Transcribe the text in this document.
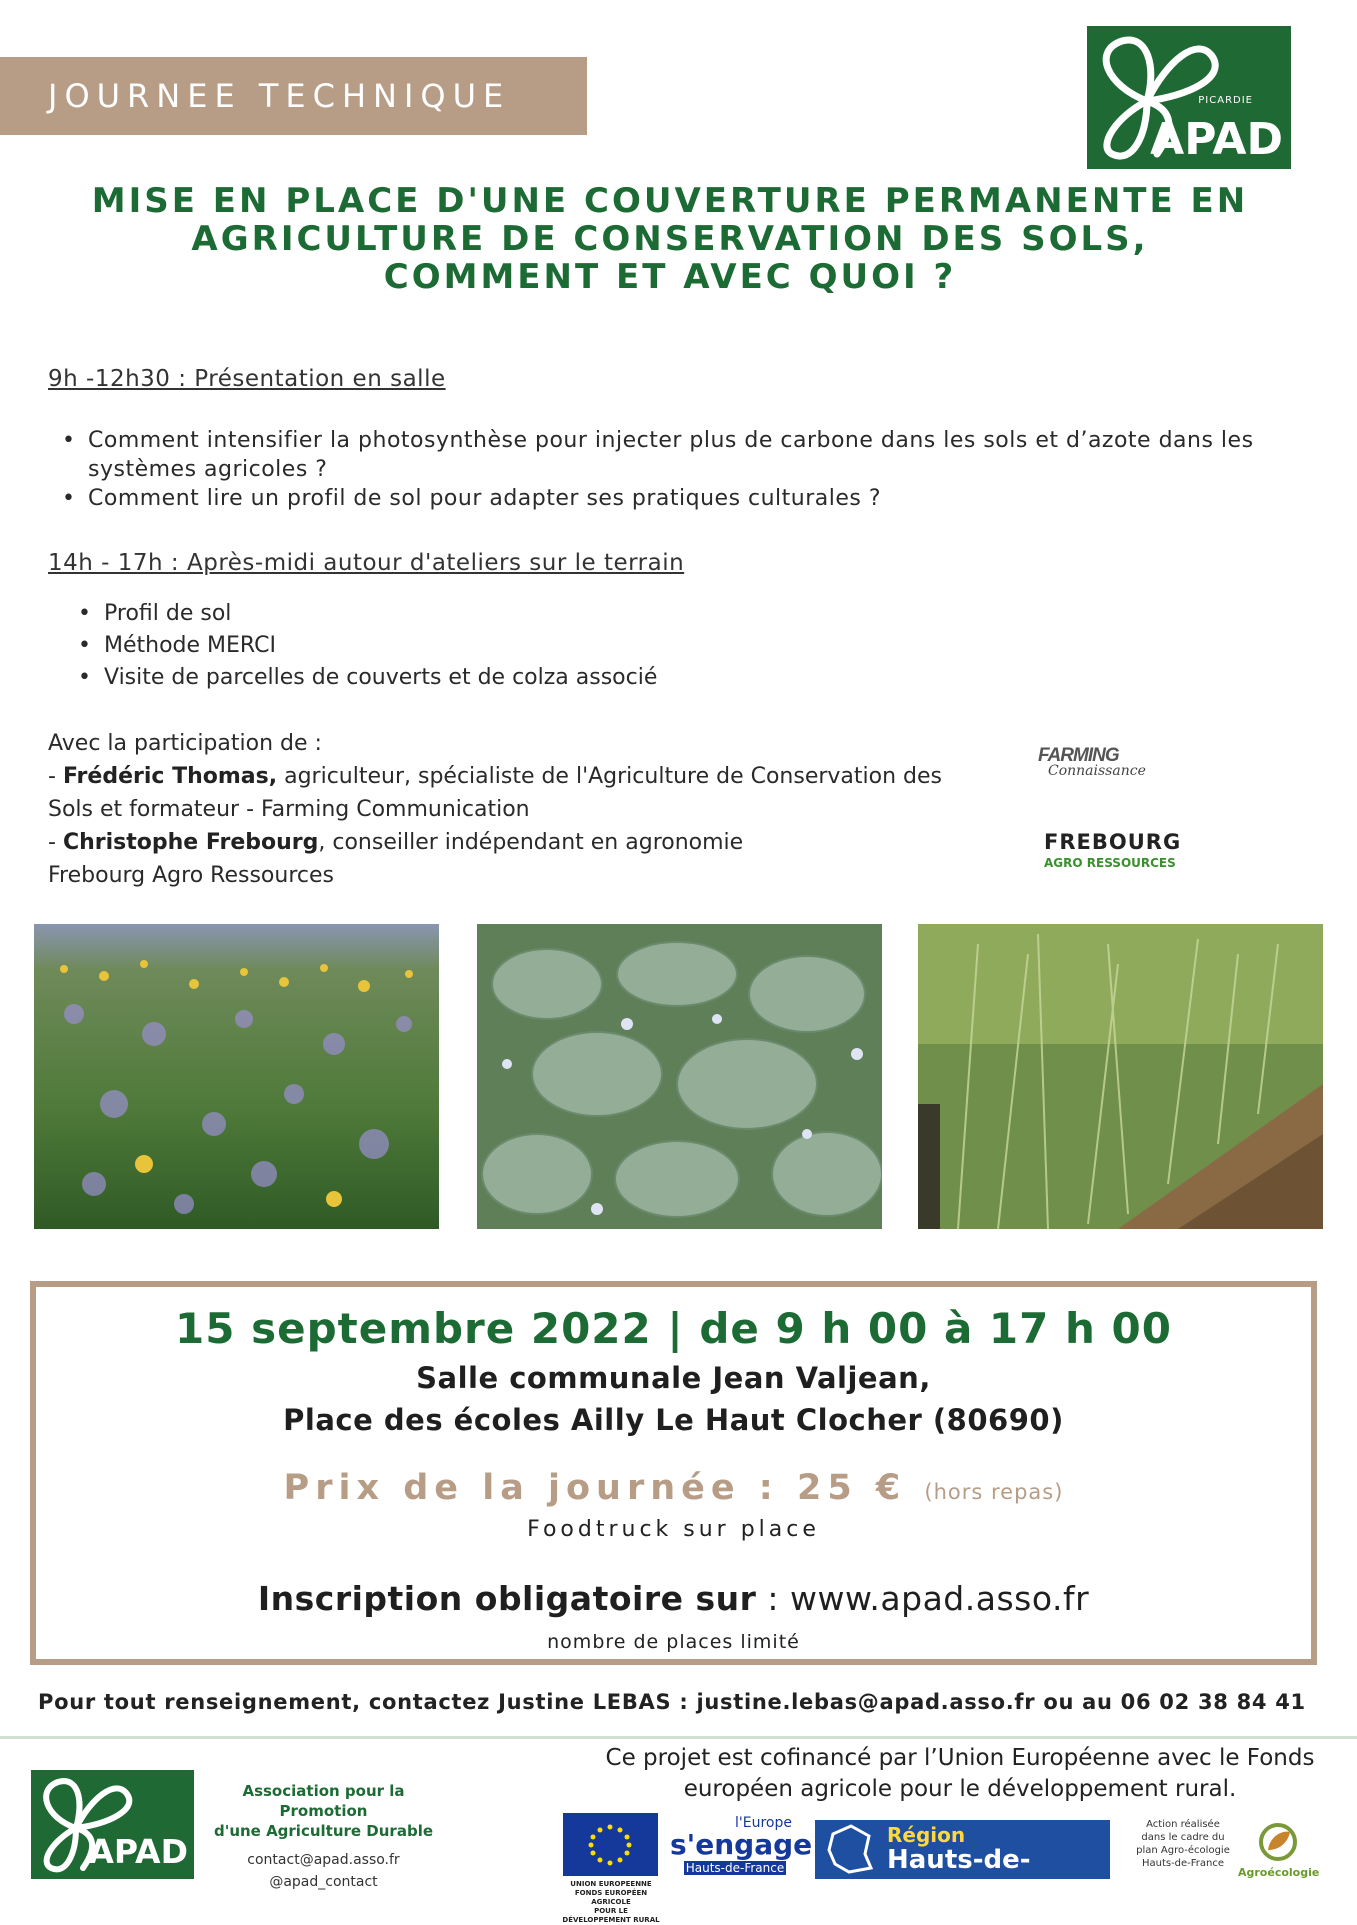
JOURNEE TECHNIQUE	PICARDIE
APAD
MISE EN PLACE D'UNE COUVERTURE PERMANENTE EN
AGRICULTURE DE CONSERVATION DES SOLS,
COMMENT ET AVEC QUOI ?
9h -12h30 : Présentation en salle
• Comment intensifier la photosynthèse pour injecter plus de carbone dans les sols et d’azote dans les systèmes agricoles ?
• Comment lire un profil de sol pour adapter ses pratiques culturales ?
14h - 17h : Après-midi autour d'ateliers sur le terrain
• Profil de sol
• Méthode MERCI
• Visite de parcelles de couverts et de colza associé
Avec la participation de :
- Frédéric Thomas, agriculteur, spécialiste de l'Agriculture de Conservation des
Sols et formateur - Farming Communication
- Christophe Frebourg, conseiller indépendant en agronomie
Frebourg Agro Ressources
FARMING
Connaissance
FREBOURG
AGRO RESSOURCES
15 septembre 2022 | de 9 h 00 à 17 h 00
Salle communale Jean Valjean,
Place des écoles Ailly Le Haut Clocher (80690)
Prix de la journée : 25 € (hors repas)
Foodtruck sur place
Inscription obligatoire sur : www.apad.asso.fr
nombre de places limité
Pour tout renseignement, contactez Justine LEBAS : justine.lebas@apad.asso.fr ou au 06 02 38 84 41
APAD
Association pour la Promotion
d'une Agriculture Durable
contact@apad.asso.fr
@apad_contact
Ce projet est cofinancé par l’Union Européenne avec le Fonds
européen agricole pour le développement rural.
UNION EUROPEENNE
FONDS EUROPÉEN AGRICOLE
POUR LE DÉVELOPPEMENT RURAL
l'Europe
s'engage
Hauts-de-France
Région
Hauts-de-France
Action réalisée
dans le cadre du
plan Agro-écologie
Hauts-de-France
Agroécologie
